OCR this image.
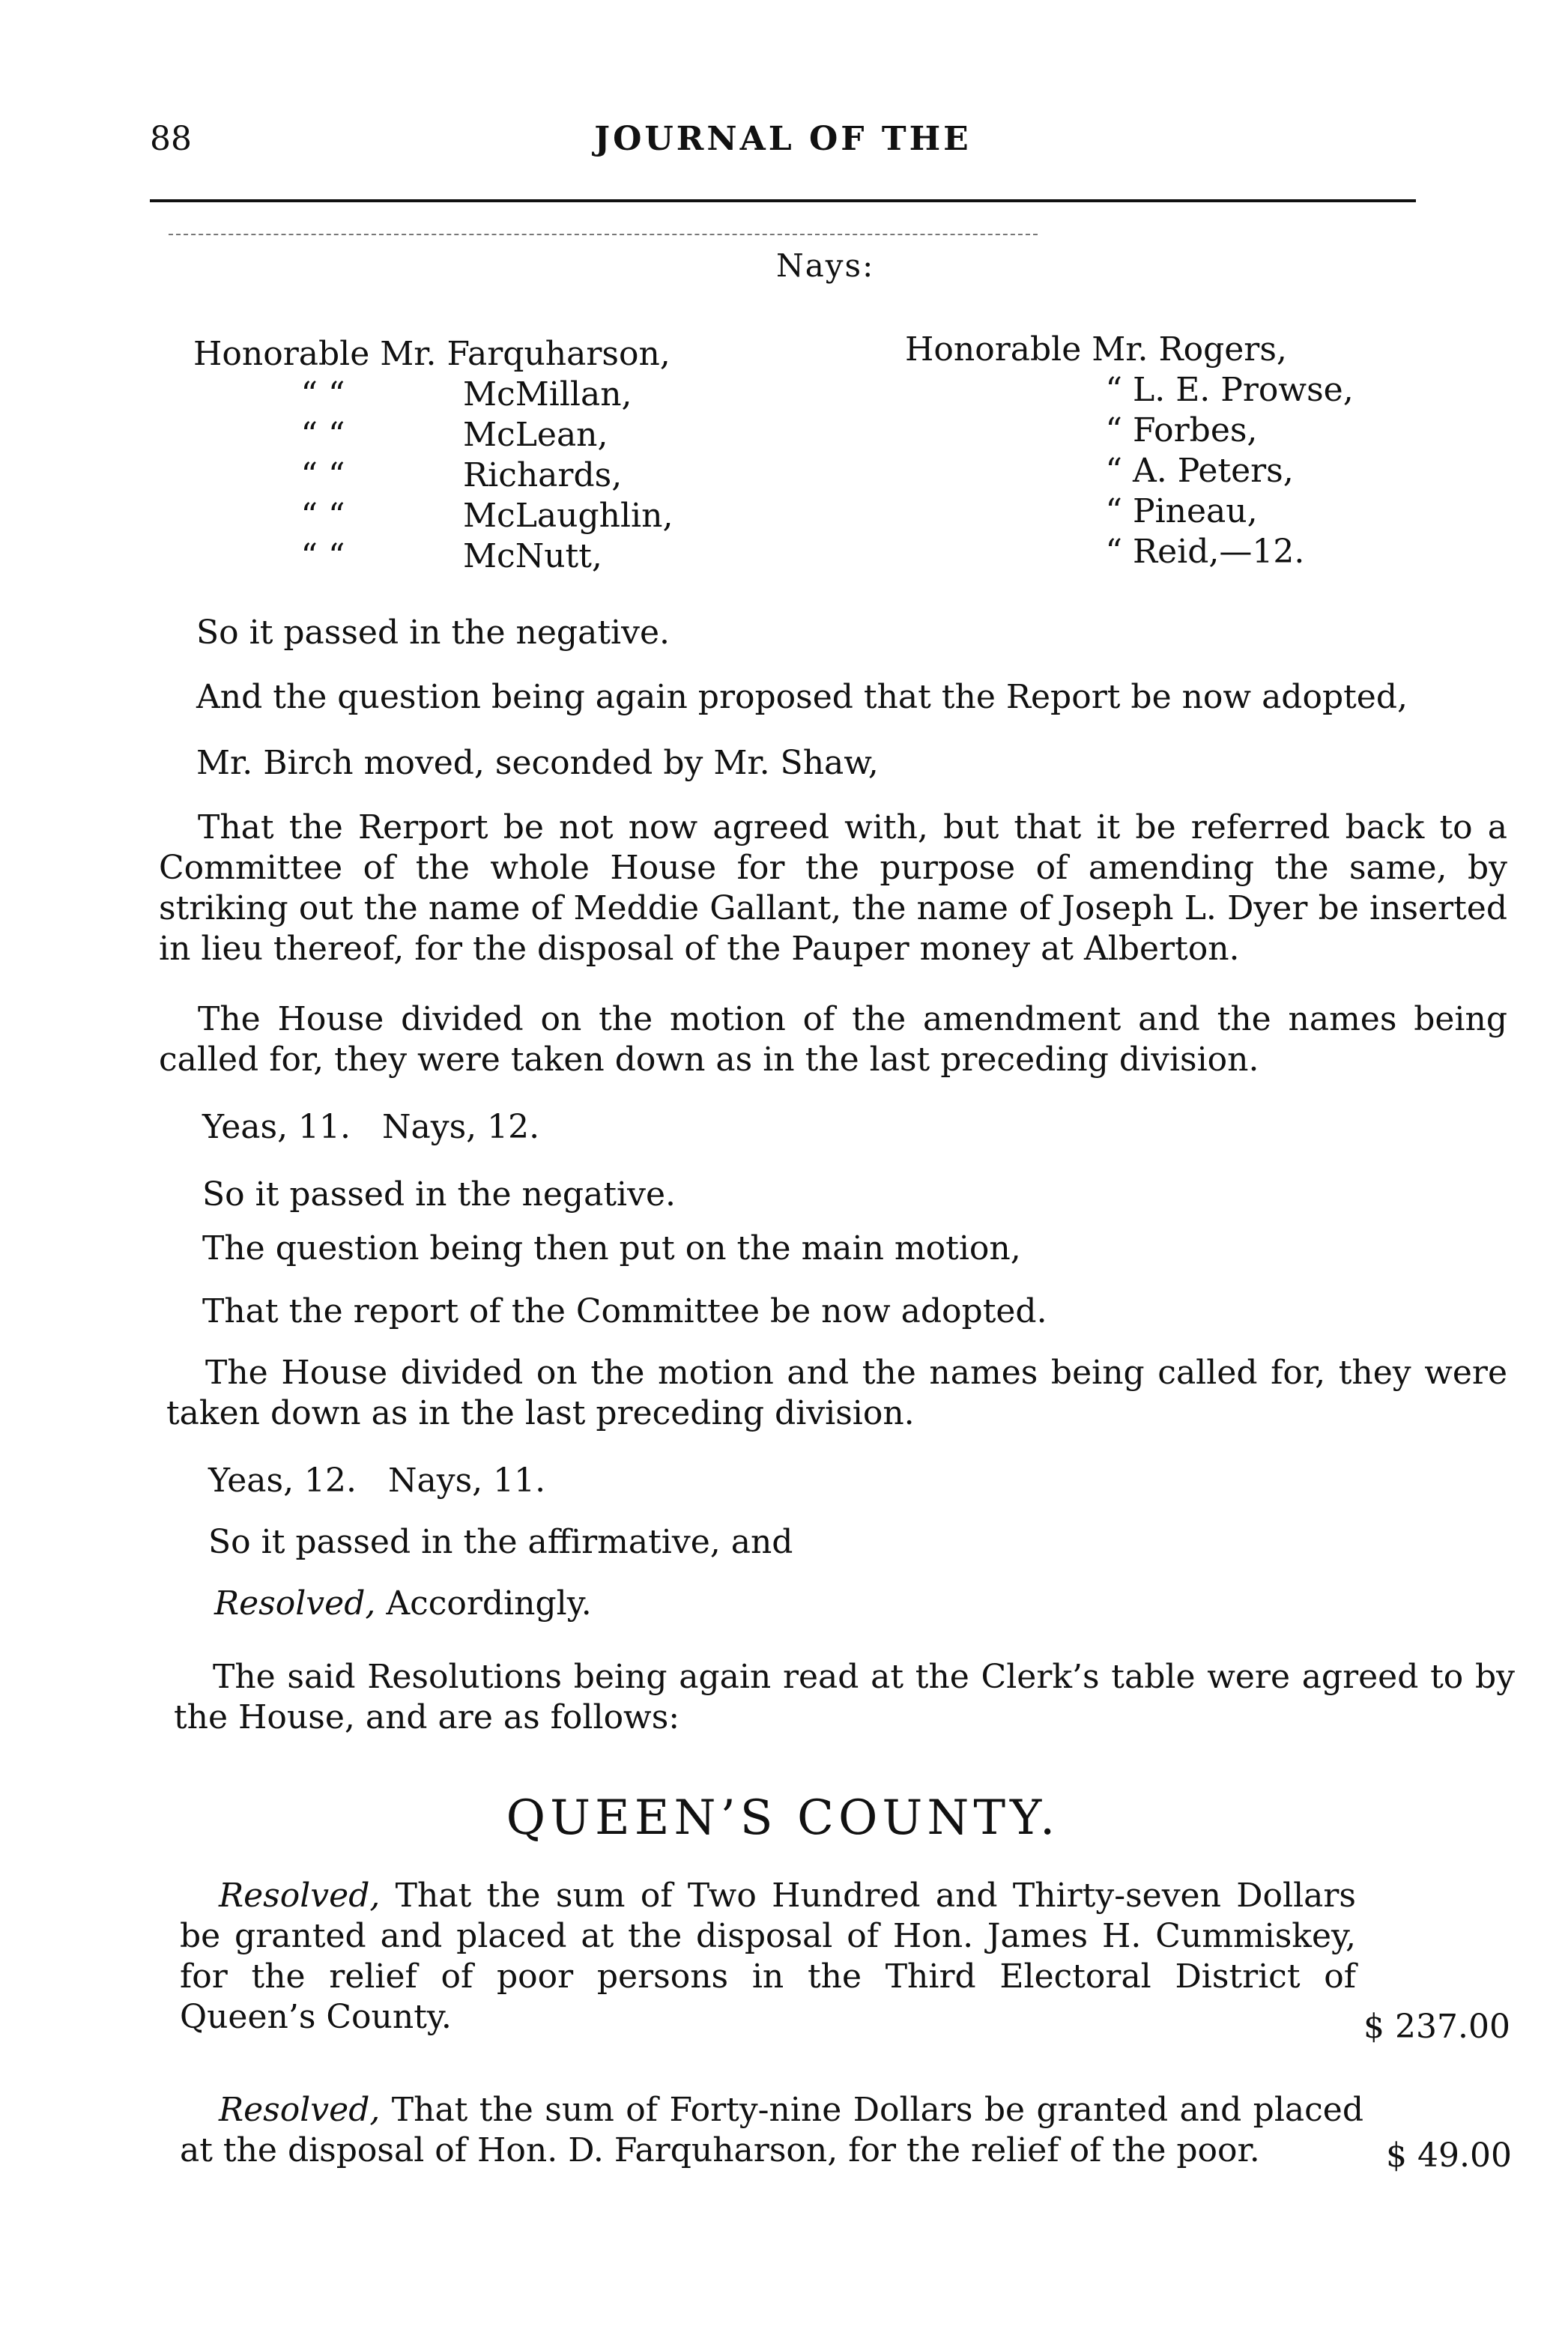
88	JOURNAL OF THE
Nays:
Honorable Mr. Farquharson,
“ “	McMillan,
“ “	McLean,
“ “	Richards,
“ “	McLaughlin,
“ “	McNutt,
Honorable Mr. Rogers,
“ L. E. Prowse,
“ Forbes,
“ A. Peters,
“ Pineau,
“ Reid,—12.
So it passed in the negative.
And the question being again proposed that the Report be now adopted,
Mr. Birch moved, seconded by Mr. Shaw,
That the Rerport be not now agreed with, but that it be referred back to a Committee of the whole House for the purpose of amending the same, by striking out the name of Meddie Gallant, the name of Joseph L. Dyer be inserted in lieu thereof, for the disposal of the Pauper money at Alberton.
The House divided on the motion of the amendment and the names being called for, they were taken down as in the last preceding division.
Yeas, 11.   Nays, 12.
So it passed in the negative.
The question being then put on the main motion,
That the report of the Committee be now adopted.
The House divided on the motion and the names being called for, they were taken down as in the last preceding division.
Yeas, 12.   Nays, 11.
So it passed in the affirmative, and
Resolved, Accordingly.
The said Resolutions being again read at the Clerk’s table were agreed to by the House, and are as follows:
QUEEN’S COUNTY.
Resolved, That the sum of Two Hundred and Thirty-seven Dollars be granted and placed at the disposal of Hon. James H. Cummiskey, for the relief of poor persons in the Third Electoral District of Queen’s County.	$ 237.00
Resolved, That the sum of Forty-nine Dollars be granted and placed at the disposal of Hon. D. Farquharson, for the relief of the poor.	$ 49.00
